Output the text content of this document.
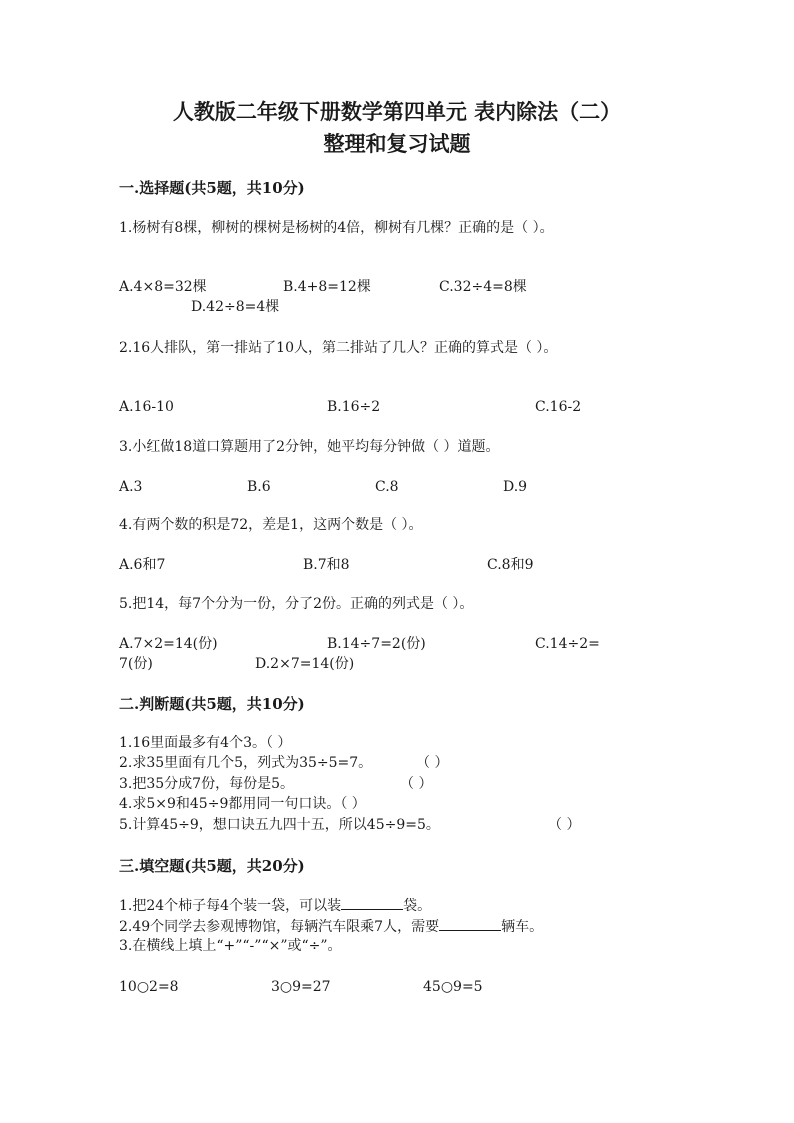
人教版二年级下册数学第四单元 表内除法（二）
整理和复习试题
一.选择题(共5题，共10分)
1.杨树有8棵，柳树的棵树是杨树的4倍，柳树有几棵？正确的是（ ）。
A.4×8=32棵	B.4+8=12棵	C.32÷4=8棵
D.42÷8=4棵
2.16人排队，第一排站了10人，第二排站了几人？正确的算式是（ ）。
A.16-10	B.16÷2	C.16-2
3.小红做18道口算题用了2分钟，她平均每分钟做（ ）道题。
A.3	B.6	C.8	D.9
4.有两个数的积是72，差是1，这两个数是（ ）。
A.6和7	B.7和8	C.8和9
5.把14，每7个分为一份，分了2份。正确的列式是（ ）。
A.7×2=14(份)	B.14÷7=2(份)	C.14÷2=
7(份)	D.2×7=14(份)
二.判断题(共5题，共10分)
1.16里面最多有4个3。（ ）
2.求35里面有几个5，列式为35÷5=7。	（ ）
3.把35分成7份，每份是5。	（ ）
4.求5×9和45÷9都用同一句口诀。（ ）
5.计算45÷9，想口诀五九四十五，所以45÷9=5。	（ ）
三.填空题(共5题，共20分)
1.把24个柿子每4个装一袋，可以装	袋。
2.49个同学去参观博物馆，每辆汽车限乘7人，需要	辆车。
3.在横线上填上“+”“-”“×”或“÷”。
10○2=8	3○9=27	45○9=5
